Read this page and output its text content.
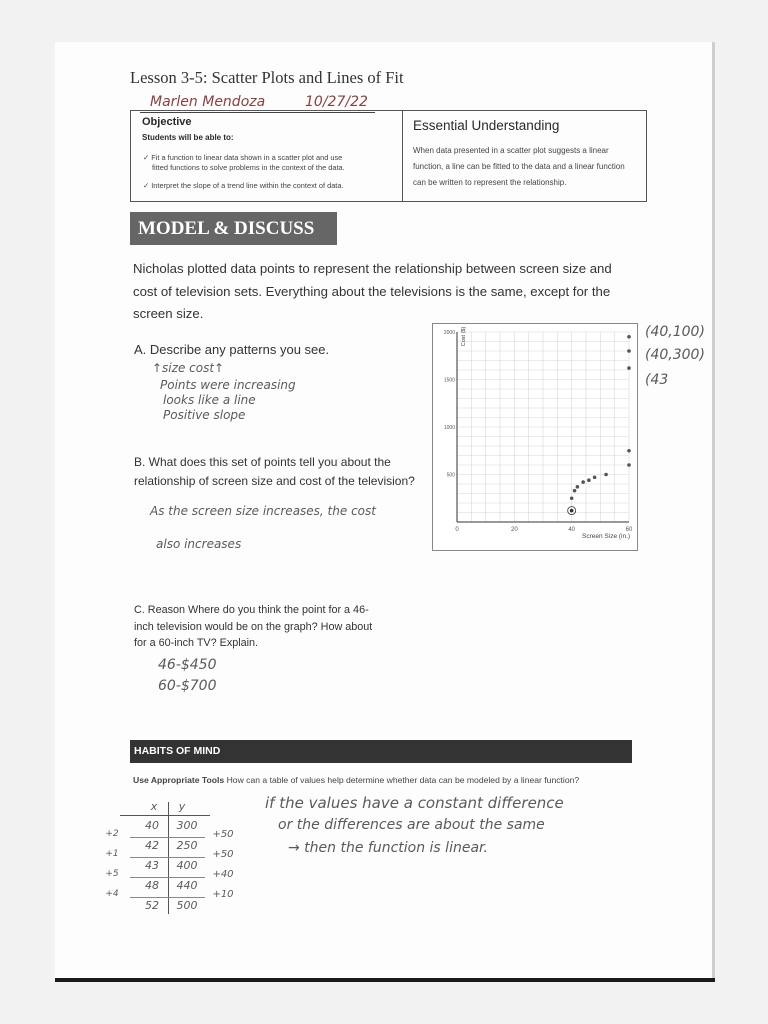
Lesson 3-5: Scatter Plots and Lines of Fit
Marlen Mendoza	10/27/22
Objective
Students will be able to:
✓ Fit a function to linear data shown in a scatter plot and use
fitted functions to solve problems in the context of the data.
✓ Interpret the slope of a trend line within the context of data.
Essential Understanding
When data presented in a scatter plot suggests a linear function, a line can be fitted to the data and a linear function can be written to represent the relationship.
MODEL & DISCUSS
Nicholas plotted data points to represent the relationship between screen size and cost of television sets. Everything about the televisions is the same, except for the screen size.
A. Describe any patterns you see.
↑size cost↑
Points were increasing
looks like a line
Positive slope
B. What does this set of points tell you about the relationship of screen size and cost of the television?
As the screen size increases, the cost
also increases
C. Reason Where do you think the point for a 46-inch television would be on the graph? How about for a 60-inch TV? Explain.
46-$450
60-$700
0	20	40	60
500
1000
1500
2000
Screen Size (in.)
Cost ($)	(40,100)
(40,300)
(43
HABITS OF MIND
Use Appropriate Tools How can a table of values help determine whether data can be modeled by a linear function?
if the values have a constant difference
or the differences are about the same
→ then the function is linear.
x	y
40	300
+2	+50
42	250
+1	+50
43	400
+5	+40
48	440
+4	+10
52	500
